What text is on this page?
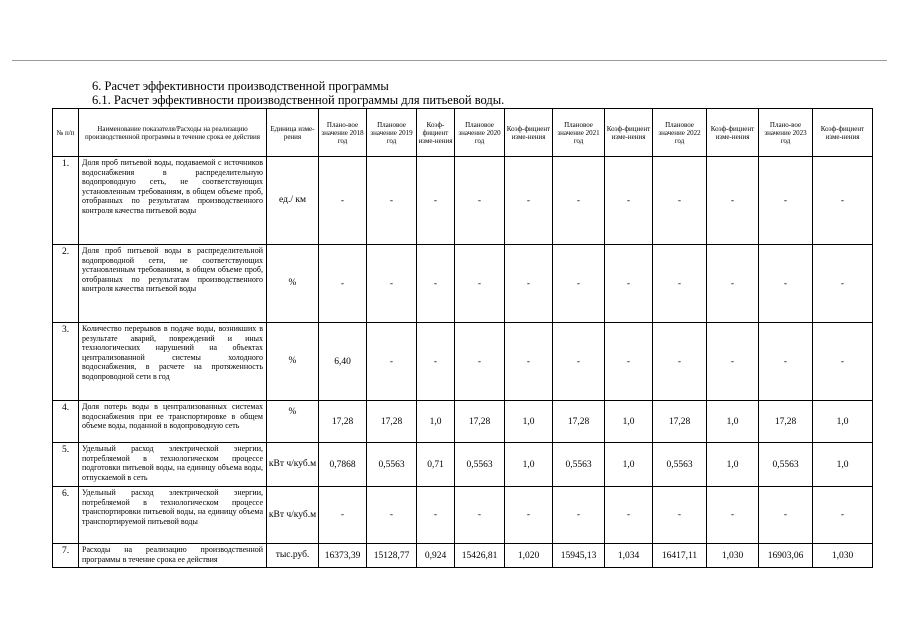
6. Расчет эффективности производственной программы
6.1. Расчет эффективности производственной программы для питьевой воды.
№ п/п	Наименование показателя/Расходы на реализацию производственной программы в течение срока ее действия	Единица изме-рения	Плано-вое значение 2018 год	Плановое значение 2019 год	Коэф-фициент изме-нения	Плановое значение 2020 год	Коэф-фициент изме-нения	Плановое значение 2021 год	Коэф-фициент изме-нения	Плановое значение 2022 год	Коэф-фициент изме-нения	Плано-вое значение 2023 год	Коэф-фициент изме-нения
1.	Доля проб питьевой воды, подаваемой с источников водоснабжения в распределительную водопроводную сеть, не соответствующих установленным требованиям, в общем объеме проб, отобранных по результатам производственного контроля качества питьевой воды	ед./ км	-	-	-	-	-	-	-	-	-	-	-
2.	Доля проб питьевой воды в распределительной водопроводной сети, не соответствующих установленным требованиям, в общем объеме проб, отобранных по результатам производственного контроля качества питьевой воды	%	-	-	-	-	-	-	-	-	-	-	-
3.	Количество перерывов в подаче воды, возникших в результате аварий, повреждений и иных технологических нарушений на объектах централизованной системы холодного водоснабжения, в расчете на протяженность водопроводной сети в год	%	6,40	-	-	-	-	-	-	-	-	-	-
4.	Доля потерь воды в централизованных системах водоснабжения при ее транспортировке в общем объеме воды, поданной в водопроводную сеть	%	17,28	17,28	1,0	17,28	1,0	17,28	1,0	17,28	1,0	17,28	1,0
5.	Удельный расход электрической энергии, потребляемой в технологическом процессе подготовки питьевой воды, на единицу объема воды, отпускаемой в сеть	кВт ч/куб.м	0,7868	0,5563	0,71	0,5563	1,0	0,5563	1,0	0,5563	1,0	0,5563	1,0
6.	Удельный расход электрической энергии, потребляемой в технологическом процессе транспортировки питьевой воды, на единицу объема транспортируемой питьевой воды	кВт ч/куб.м	-	-	-	-	-	-	-	-	-	-	-
7.	Расходы на реализацию производственной программы в течение срока ее действия	тыс.руб.	16373,39	15128,77	0,924	15426,81	1,020	15945,13	1,034	16417,11	1,030	16903,06	1,030
